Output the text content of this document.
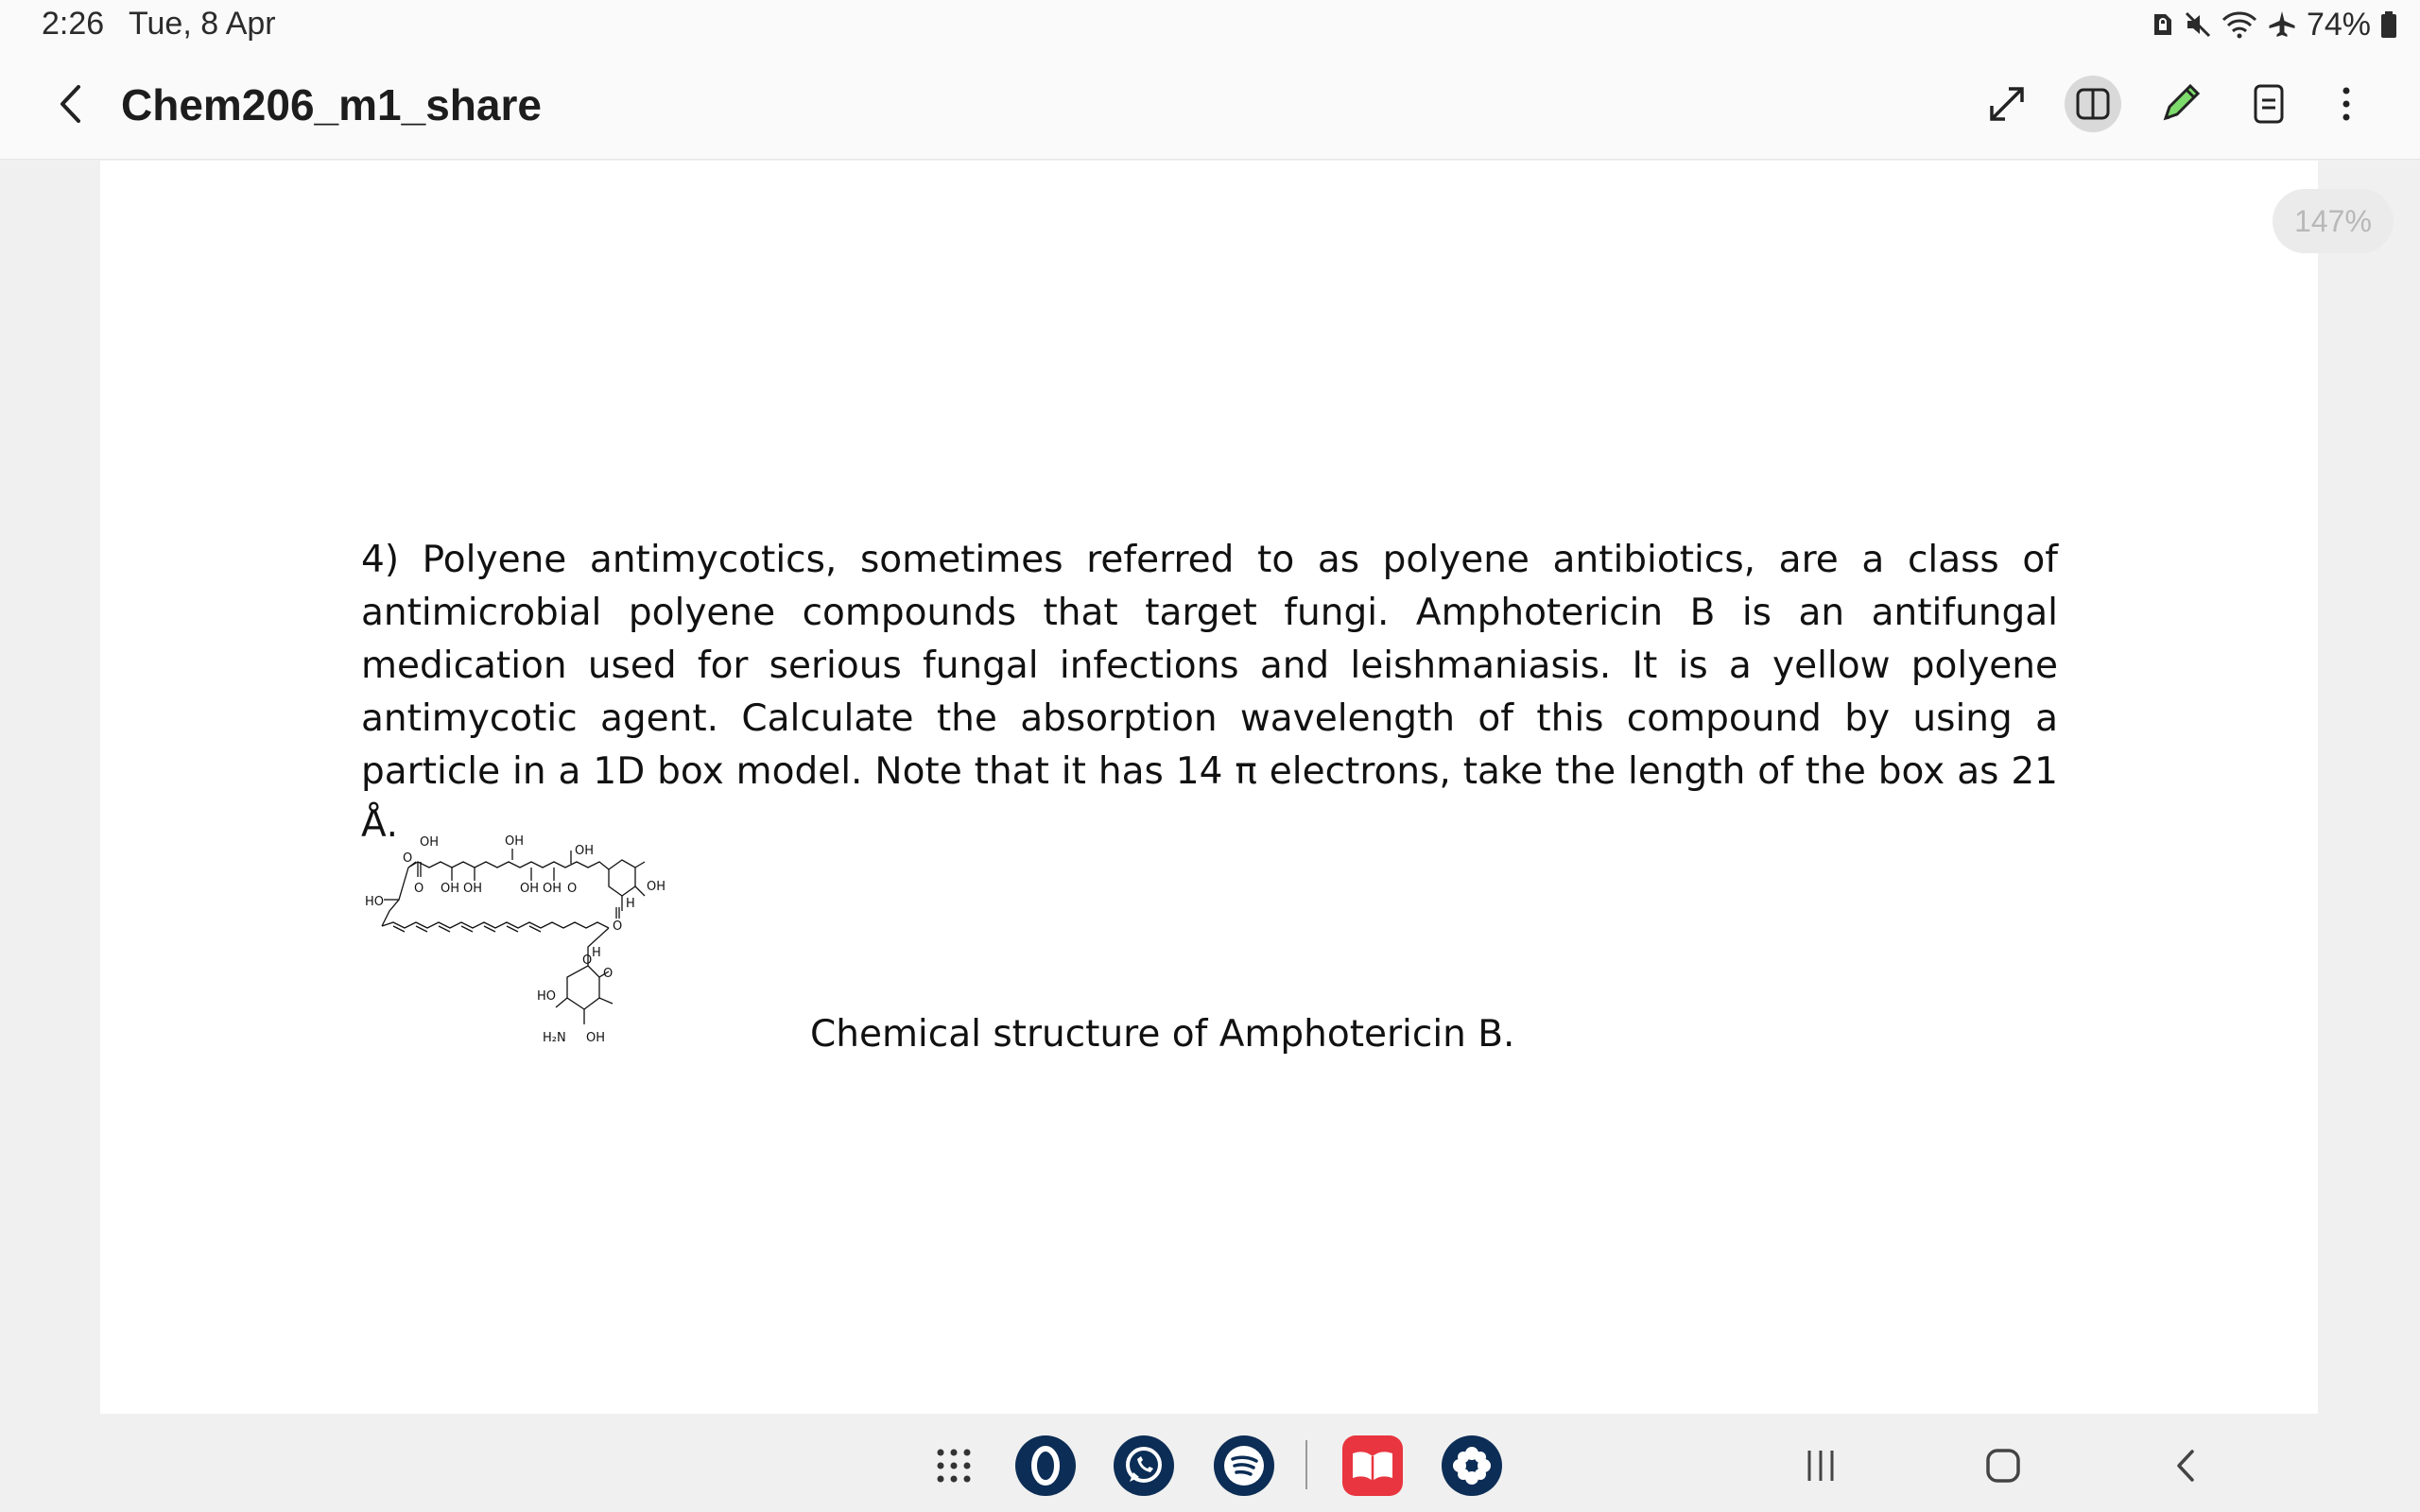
2:26 Tue, 8 Apr	74%
Chem206_m1_share
147%

4) Polyene antimycotics, sometimes referred to as polyene antibiotics, are a class of antimicrobial polyene compounds that target fungi. Amphotericin B is an antifungal medication used for serious fungal infections and leishmaniasis. It is a yellow polyene antimycotic agent. Calculate the absorption wavelength of this compound by using a particle in a 1D box model. Note that it has 14 π electrons, take the length of the box as 21 Å.	OH	OH
OH
OH OH	OH OH	OH
HO
HO
O
O	O
O
O
O
H
H
H₂N OH	Chemical structure of Amphotericin B.
